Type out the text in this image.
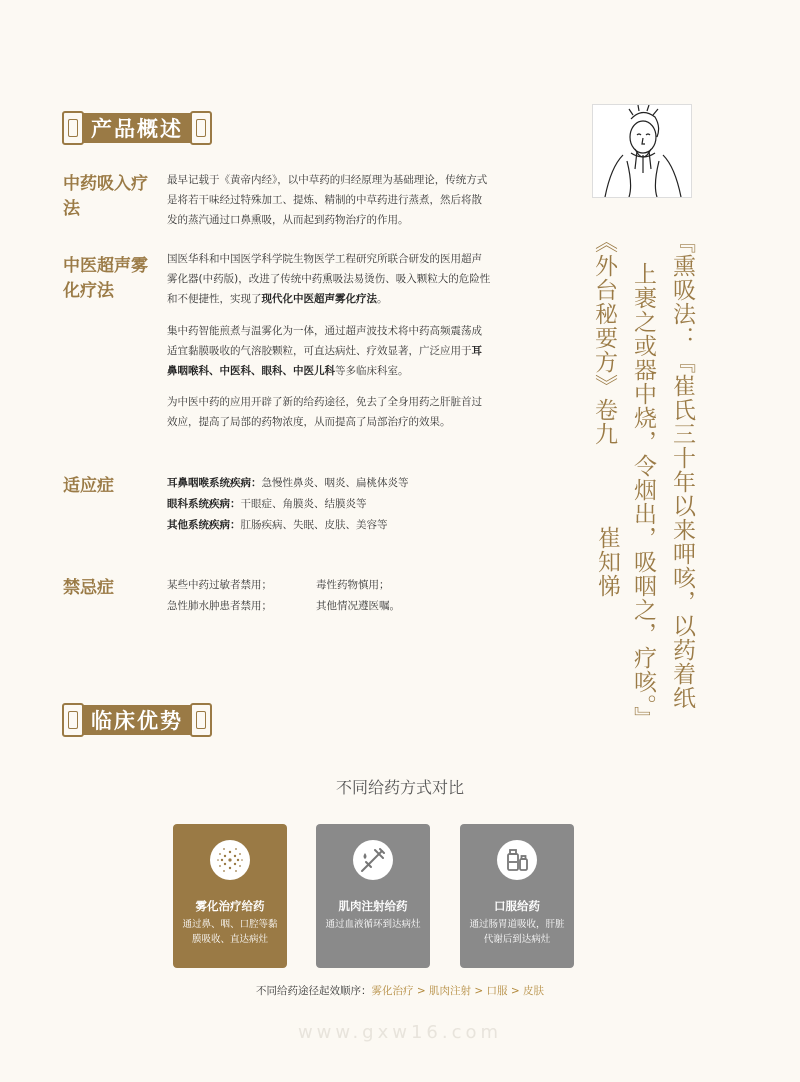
产品概述
中药吸入疗法
最早记载于《黄帝内经》，以中草药的归经原理为基础理论，传统方式是将若干味经过特殊加工、提炼、精制的中草药进行蒸煮，然后将散发的蒸汽通过口鼻熏吸，从而起到药物治疗的作用。
中医超声雾化疗法
国医华科和中国医学科学院生物医学工程研究所联合研发的医用超声雾化器(中药版)，改进了传统中药熏吸法易烫伤、吸入颗粒大的危险性和不便捷性，实现了现代化中医超声雾化疗法。
集中药智能煎煮与温雾化为一体，通过超声波技术将中药高频震荡成适宜黏膜吸收的气溶胶颗粒，可直达病灶、疗效显著，广泛应用于耳鼻咽喉科、中医科、眼科、中医儿科等多临床科室。
为中医中药的应用开辟了新的给药途径，免去了全身用药之肝脏首过效应，提高了局部的药物浓度，从而提高了局部治疗的效果。
适应症	耳鼻咽喉系统疾病：急慢性鼻炎、咽炎、扁桃体炎等
眼科系统疾病：干眼症、角膜炎、结膜炎等
其他系统疾病：肛肠疾病、失眠、皮肤、美容等
禁忌症	某些中药过敏者禁用；	毒性药物慎用；
急性肺水肿患者禁用；	其他情况遵医嘱。	『熏吸法：『崔氏三十年以来呷咳，以药着纸
上裹之或器中烧，令烟出，吸咽之，疗咳。』
《外台秘要方》卷九
崔知悌
临床优势
不同给药方式对比
雾化治疗给药
通过鼻、咽、口腔等黏膜吸收、直达病灶
肌肉注射给药
通过血液循环到达病灶
口服给药
通过肠胃道吸收，肝脏代谢后到达病灶
不同给药途径起效顺序：雾化治疗 > 肌肉注射 > 口服 > 皮肤
www.gxw16.com
